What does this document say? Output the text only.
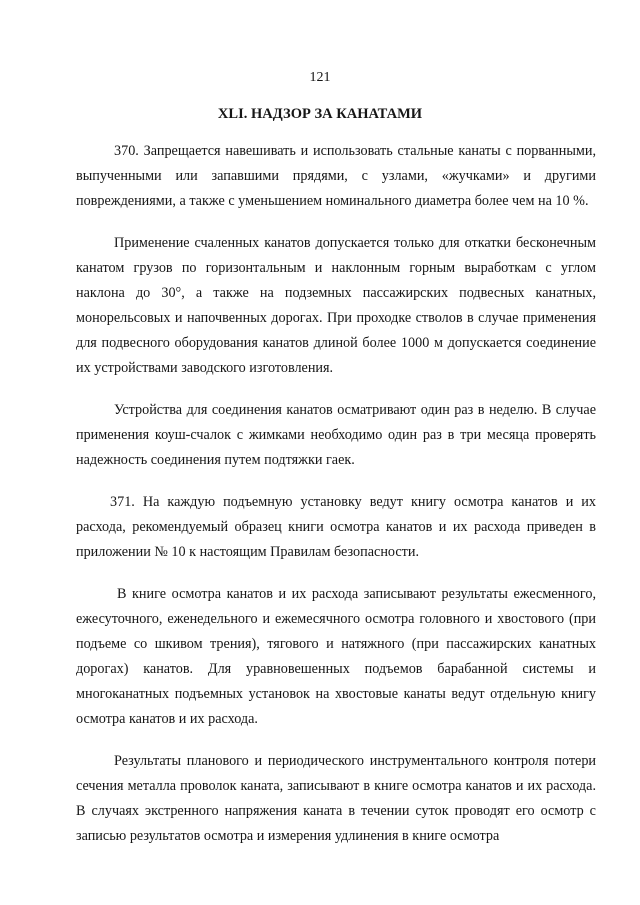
121
XLI. НАДЗОР ЗА КАНАТАМИ

370. Запрещается навешивать и использовать стальные канаты с порванными, выпученными или запавшими прядями, с узлами, «жучками» и другими повреждениями, а также с уменьшением номинального диаметра более чем на 10 %.

Применение счаленных канатов допускается только для откатки бесконечным канатом грузов по горизонтальным и наклонным горным выработкам с углом наклона до 30°, а также на подземных пассажирских подвесных канатных, монорельсовых и напочвенных дорогах. При проходке стволов в случае применения для подвесного оборудования канатов длиной более 1000 м допускается соединение их устройствами заводского изготовления.

Устройства для соединения канатов осматривают один раз в неделю. В случае применения коуш-счалок с жимками необходимо один раз в три месяца проверять надежность соединения путем подтяжки гаек.

371. На каждую подъемную установку ведут книгу осмотра канатов и их расхода, рекомендуемый образец книги осмотра канатов и их расхода приведен в приложении № 10 к настоящим Правилам безопасности.

В книге осмотра канатов и их расхода записывают результаты ежесменного, ежесуточного, еженедельного и ежемесячного осмотра головного и хвостового (при подъеме со шкивом трения), тягового и натяжного (при пассажирских канатных дорогах) канатов. Для уравновешенных подъемов барабанной системы и многоканатных подъемных установок на хвостовые канаты ведут отдельную книгу осмотра канатов и их расхода.

Результаты планового и периодического инструментального контроля потери сечения металла проволок каната, записывают в книге осмотра канатов и их расхода. В случаях экстренного напряжения каната в течении суток проводят его осмотр с записью результатов осмотра и измерения удлинения в книге осмотра
